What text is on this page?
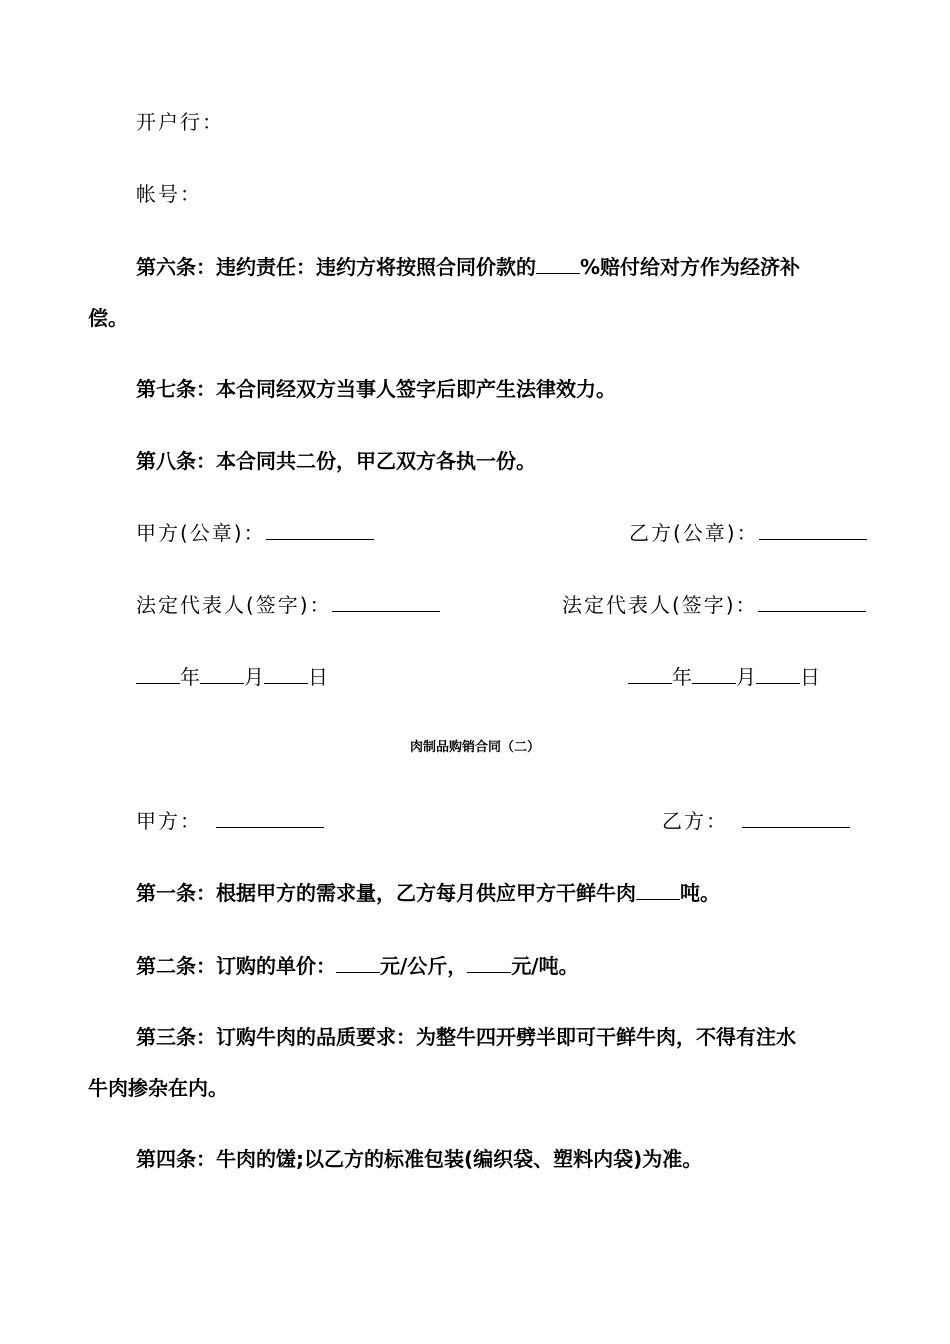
开户行：
帐号：
第六条：违约责任：违约方将按照合同价款的 %赔付给对方作为经济补
偿。
第七条：本合同经双方当事人签字后即产生法律效力。
第八条：本合同共二份，甲乙双方各执一份。
甲方(公章)：	乙方(公章)：
法定代表人(签字)：	法定代表人(签字)：
年 月 日	年 月 日
肉制品购销合同（二）
甲方：	乙方：
第一条：根据甲方的需求量，乙方每月供应甲方干鲜牛肉 吨。
第二条：订购的单价： 元/公斤， 元/吨。
第三条：订购牛肉的品质要求：为整牛四开劈半即可干鲜牛肉，不得有注水
牛肉掺杂在内。
第四条：牛肉的馐;以乙方的标准包装(编织袋、塑料内袋)为准。
